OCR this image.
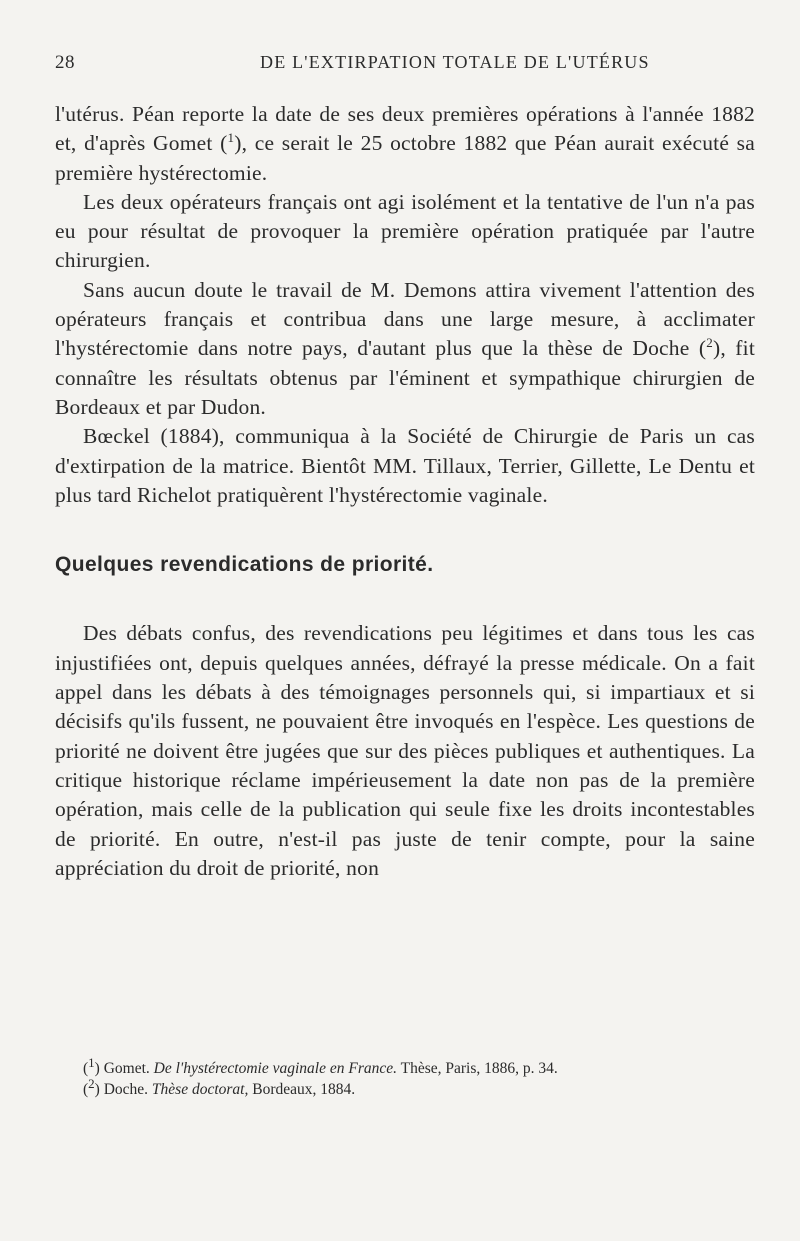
28	DE L'EXTIRPATION TOTALE DE L'UTÉRUS

l'utérus. Péan reporte la date de ses deux premières opérations à l'année 1882 et, d'après Gomet ($^1$), ce serait le 25 octobre 1882 que Péan aurait exécuté sa première hystérectomie.

Les deux opérateurs français ont agi isolément et la tentative de l'un n'a pas eu pour résultat de provoquer la première opération pratiquée par l'autre chirurgien.

Sans aucun doute le travail de M. Demons attira vivement l'attention des opérateurs français et contribua dans une large mesure, à acclimater l'hystérectomie dans notre pays, d'autant plus que la thèse de Doche ($^2$), fit connaître les résultats obtenus par l'éminent et sympathique chirurgien de Bordeaux et par Dudon.

Bœckel (1884), communiqua à la Société de Chirurgie de Paris un cas d'extirpation de la matrice. Bientôt MM. Tillaux, Terrier, Gillette, Le Dentu et plus tard Richelot pratiquèrent l'hystérectomie vaginale.

Quelques revendications de priorité.

Des débats confus, des revendications peu légitimes et dans tous les cas injustifiées ont, depuis quelques années, défrayé la presse médicale. On a fait appel dans les débats à des témoignages personnels qui, si impartiaux et si décisifs qu'ils fussent, ne pouvaient être invoqués en l'espèce. Les questions de priorité ne doivent être jugées que sur des pièces publiques et authentiques. La critique historique réclame impérieusement la date non pas de la première opération, mais celle de la publication qui seule fixe les droits incontestables de priorité. En outre, n'est-il pas juste de tenir compte, pour la saine appréciation du droit de priorité, non

($^1$) Gomet. De l'hystérectomie vaginale en France. Thèse, Paris, 1886, p. 34.

($^2$) Doche. Thèse doctorat, Bordeaux, 1884.
